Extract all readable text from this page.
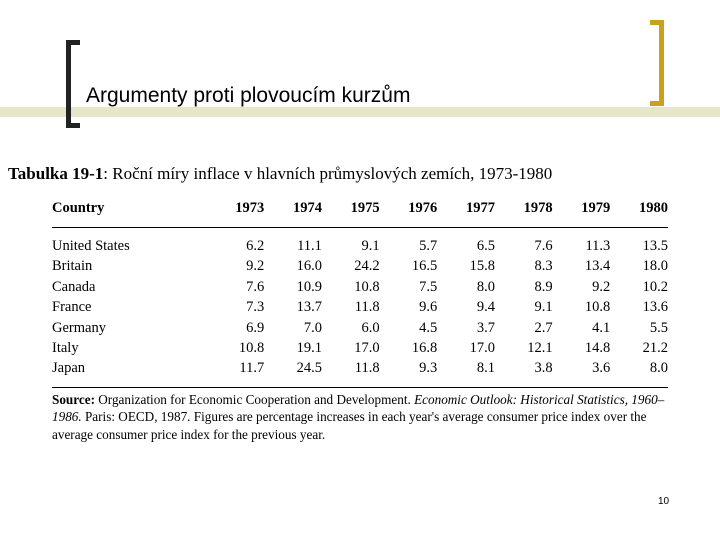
Argumenty proti plovoucím kurzům
Tabulka 19-1: Roční míry inflace v hlavních průmyslových zemích, 1973-1980
Country	1973	1974	1975	1976	1977	1978	1979	1980

United States	6.2	11.1	9.1	5.7	6.5	7.6	11.3	13.5
Britain	9.2	16.0	24.2	16.5	15.8	8.3	13.4	18.0
Canada	7.6	10.9	10.8	7.5	8.0	8.9	9.2	10.2
France	7.3	13.7	11.8	9.6	9.4	9.1	10.8	13.6
Germany	6.9	7.0	6.0	4.5	3.7	2.7	4.1	5.5
Italy	10.8	19.1	17.0	16.8	17.0	12.1	14.8	21.2
Japan	11.7	24.5	11.8	9.3	8.1	3.8	3.6	8.0
Source: Organization for Economic Cooperation and Development. Economic Outlook: Historical Statistics, 1960–1986. Paris: OECD, 1987. Figures are percentage increases in each year's average consumer price index over the average consumer price index for the previous year.
10
